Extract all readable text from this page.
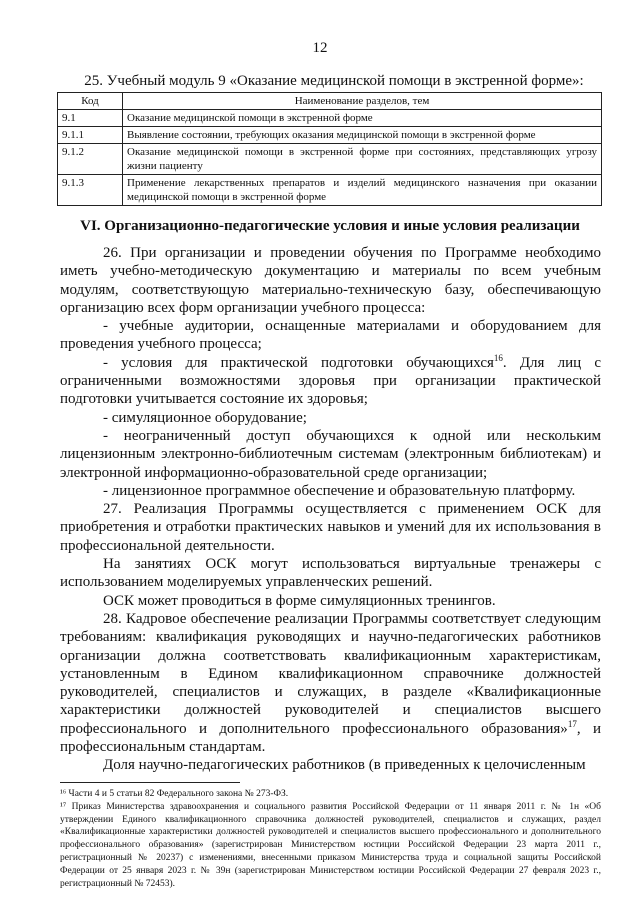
12
25. Учебный модуль 9 «Оказание медицинской помощи в экстренной форме»:
Код	Наименование разделов, тем
9.1	Оказание медицинской помощи в экстренной форме
9.1.1	Выявление состоянии, требующих оказания медицинской помощи в экстренной форме
9.1.2	Оказание медицинской помощи в экстренной форме при состояниях, представляющих угрозу жизни пациенту
9.1.3	Применение лекарственных препаратов и изделий медицинского назначения при оказании медицинской помощи в экстренной форме
VI. Организационно-педагогические условия и иные условия реализации

26. При организации и проведении обучения по Программе необходимо иметь учебно-методическую документацию и материалы по всем учебным модулям, соответствующую материально-техническую базу, обеспечивающую организацию всех форм организации учебного процесса:

- учебные аудитории, оснащенные материалами и оборудованием для проведения учебного процесса;

- условия для практической подготовки обучающихся$^{16}$. Для лиц с ограниченными возможностями здоровья при организации практической подготовки учитывается состояние их здоровья;

- симуляционное оборудование;

- неограниченный доступ обучающихся к одной или нескольким лицензионным электронно-библиотечным системам (электронным библиотекам) и электронной информационно-образовательной среде организации;

- лицензионное программное обеспечение и образовательную платформу.

27. Реализация Программы осуществляется с применением ОСК для приобретения и отработки практических навыков и умений для их использования в профессиональной деятельности.

На занятиях ОСК могут использоваться виртуальные тренажеры с использованием моделируемых управленческих решений.

ОСК может проводиться в форме симуляционных тренингов.

28. Кадровое обеспечение реализации Программы соответствует следующим требованиям: квалификация руководящих и научно-педагогических работников организации должна соответствовать квалификационным характеристикам, установленным в Едином квалификационном справочнике должностей руководителей, специалистов и служащих, в разделе «Квалификационные характеристики должностей руководителей и специалистов высшего профессионального и дополнительного профессионального образования»$^{17}$, и профессиональным стандартам.

Доля научно-педагогических работников (в приведенных к целочисленным

¹⁶ Части 4 и 5 статьи 82 Федерального закона № 273-ФЗ.

¹⁷ Приказ Министерства здравоохранения и социального развития Российской Федерации от 11 января 2011 г. № 1н «Об утверждении Единого квалификационного справочника должностей руководителей, специалистов и служащих, раздел «Квалификационные характеристики должностей руководителей и специалистов высшего профессионального и дополнительного профессионального образования» (зарегистрирован Министерством юстиции Российской Федерации 23 марта 2011 г., регистрационный № 20237) с изменениями, внесенными приказом Министерства труда и социальной защиты Российской Федерации от 25 января 2023 г. № 39н (зарегистрирован Министерством юстиции Российской Федерации 27 февраля 2023 г., регистрационный № 72453).
